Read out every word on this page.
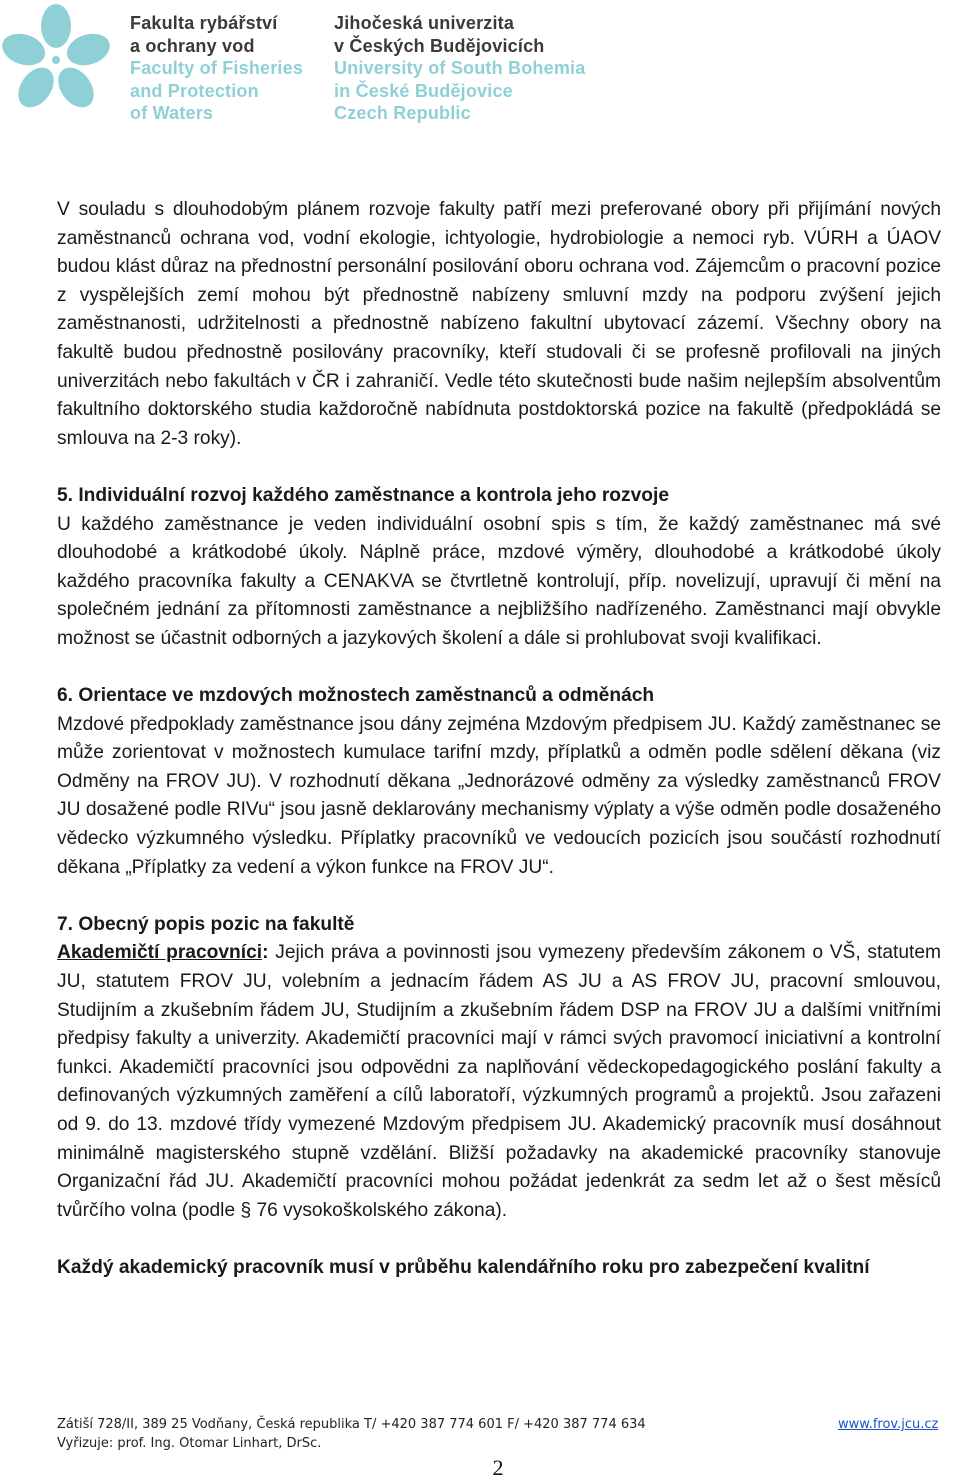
Fakulta rybářství
a ochrany vod
Faculty of Fisheries
and Protection
of Waters
Jihočeská univerzita
v Českých Budějovicích
University of South Bohemia
in České Budějovice
Czech Republic

V souladu s dlouhodobým plánem rozvoje fakulty patří mezi preferované obory při přijímání nových zaměstnanců ochrana vod, vodní ekologie, ichtyologie, hydrobiologie a nemoci ryb. VÚRH a ÚAOV budou klást důraz na přednostní personální posilování oboru ochrana vod. Zájemcům o pracovní pozice z vyspělejších zemí mohou být přednostně nabízeny smluvní mzdy na podporu zvýšení jejich zaměstnanosti, udržitelnosti a přednostně nabízeno fakultní ubytovací zázemí. Všechny obory na fakultě budou přednostně posilovány pracovníky, kteří studovali či se profesně profilovali na jiných univerzitách nebo fakultách v ČR i zahraničí. Vedle této skutečnosti bude našim nejlepším absolventům fakultního doktorského studia každoročně nabídnuta postdoktorská pozice na fakultě (předpokládá se smlouva na 2-3 roky).

5. Individuální rozvoj každého zaměstnance a kontrola jeho rozvoje

U každého zaměstnance je veden individuální osobní spis s tím, že každý zaměstnanec má své dlouhodobé a krátkodobé úkoly. Náplně práce, mzdové výměry, dlouhodobé a krátkodobé úkoly každého pracovníka fakulty a CENAKVA se čtvrtletně kontrolují, příp. novelizují, upravují či mění na společném jednání za přítomnosti zaměstnance a nejbližšího nadřízeného. Zaměstnanci mají obvykle možnost se účastnit odborných a jazykových školení a dále si prohlubovat svoji kvalifikaci.

6. Orientace ve mzdových možnostech zaměstnanců a odměnách

Mzdové předpoklady zaměstnance jsou dány zejména Mzdovým předpisem JU. Každý zaměstnanec se může zorientovat v možnostech kumulace tarifní mzdy, příplatků a odměn podle sdělení děkana (viz Odměny na FROV JU). V rozhodnutí děkana „Jednorázové odměny za výsledky zaměstnanců FROV JU dosažené podle RIVu“ jsou jasně deklarovány mechanismy výplaty a výše odměn podle dosaženého vědecko výzkumného výsledku. Příplatky pracovníků ve vedoucích pozicích jsou součástí rozhodnutí děkana „Příplatky za vedení a výkon funkce na FROV JU“.

7. Obecný popis pozic na fakultě

Akademičtí pracovníci: Jejich práva a povinnosti jsou vymezeny především zákonem o VŠ, statutem JU, statutem FROV JU, volebním a jednacím řádem AS JU a AS FROV JU, pracovní smlouvou, Studijním a zkušebním řádem JU, Studijním a zkušebním řádem DSP na FROV JU a dalšími vnitřními předpisy fakulty a univerzity. Akademičtí pracovníci mají v rámci svých pravomocí iniciativní a kontrolní funkci. Akademičtí pracovníci jsou odpovědni za naplňování vědeckopedagogického poslání fakulty a definovaných výzkumných zaměření a cílů laboratoří, výzkumných programů a projektů. Jsou zařazeni od 9. do 13. mzdové třídy vymezené Mzdovým předpisem JU. Akademický pracovník musí dosáhnout minimálně magisterského stupně vzdělání. Bližší požadavky na akademické pracovníky stanovuje Organizační řád JU. Akademičtí pracovníci mohou požádat jedenkrát za sedm let až o šest měsíců tvůrčího volna (podle § 76 vysokoškolského zákona).

Každý akademický pracovník musí v průběhu kalendářního roku pro zabezpečení kvalitní

Zátiší 728/II, 389 25 Vodňany, Česká republika T/ +420 387 774 601 F/ +420 387 774 634
Vyřizuje: prof. Ing. Otomar Linhart, DrSc.
www.frov.jcu.cz
2
